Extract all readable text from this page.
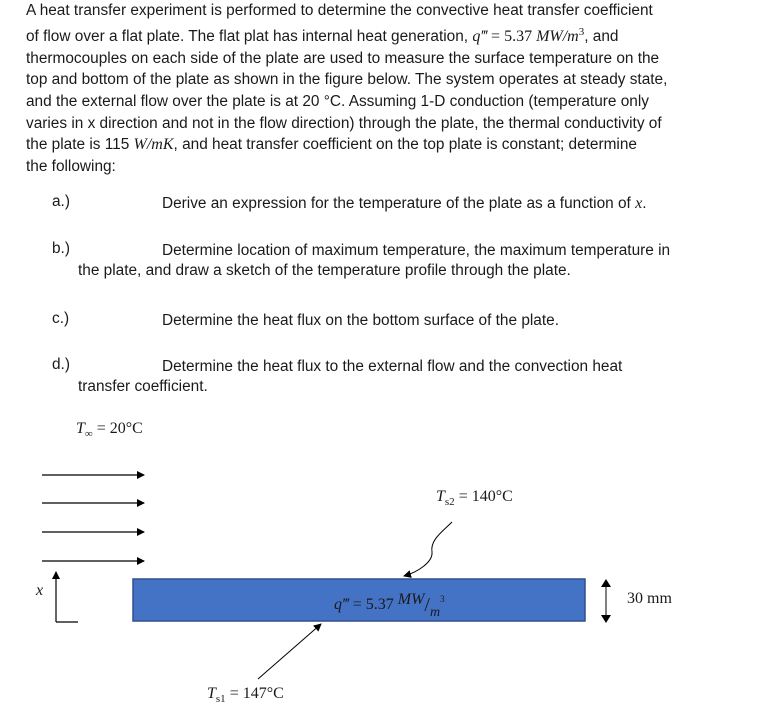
A heat transfer experiment is performed to determine the convective heat transfer coefficient
of flow over a flat plate. The flat plat has internal heat generation, q‴ = 5.37 $MW/m^3$, and
thermocouples on each side of the plate are used to measure the surface temperature on the
top and bottom of the plate as shown in the figure below. The system operates at steady state,
and the external flow over the plate is at 20 °C. Assuming 1-D conduction (temperature only
varies in x direction and not in the flow direction) through the plate, the thermal conductivity of
the plate is 115 W/mK, and heat transfer coefficient on the top plate is constant; determine
the following:
a.)	Derive an expression for the temperature of the plate as a function of x.
b.)	Determine location of maximum temperature, the maximum temperature in
the plate, and draw a sketch of the temperature profile through the plate.
c.)	Determine the heat flux on the bottom surface of the plate.
d.)	Determine the heat flux to the external flow and the convection heat
transfer coefficient.
$T_\infty = 20^\circ C$
$T_{s2} = 140^\circ C$
$T_{s1} = 147^\circ C$
q‴ = 5.37 $MW/m^3$	30 mm
x
